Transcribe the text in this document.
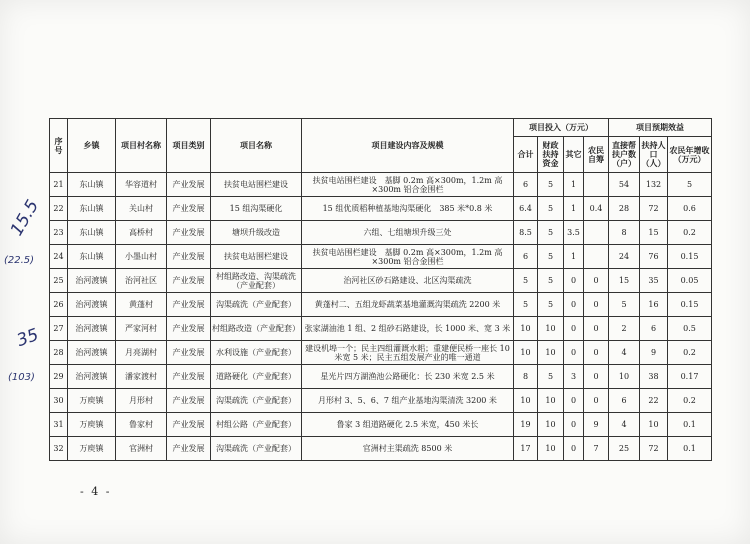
序号	乡镇	项目村名称	项目类别	项目名称	项目建设内容及规模	项目投入（万元）				项目预期效益		
						合计	财政扶持资金	其它	农民自筹	直接帮扶户数（户）	扶持人口（人）	农民年增收（万元）
21	东山镇	华容道村	产业发展	扶贫电站围栏建设	扶贫电站围栏建设　基脚 0.2m 高×300m，1.2m 高×300m 铝合金围栏	6	5	1		54	132	5
22	东山镇	关山村	产业发展	15 组沟渠硬化	15 组优质稻种植基地沟渠硬化　385 米*0.8 米	6.4	5	1	0.4	28	72	0.6
23	东山镇	高桥村	产业发展	塘坝升级改造	六组、七组塘坝升级三处	8.5	5	3.5		8	15	0.2
24	东山镇	小墨山村	产业发展	扶贫电站围栏建设	扶贫电站围栏建设　基脚 0.2m 高×300m，1.2m 高×300m 铝合金围栏	6	5	1		24	76	0.15
25	治河渡镇	治河社区	产业发展	村组路改造、沟渠疏洗（产业配套）	治河社区砂石路建设、北区沟渠疏洗	5	5	0	0	15	35	0.05
26	治河渡镇	黄蓬村	产业发展	沟渠疏洗（产业配套）	黄蓬村二、五组龙虾蔬菜基地灌溉沟渠疏洗 2200 米	5	5	0	0	5	16	0.15
27	治河渡镇	严家河村	产业发展	村组路改造（产业配套）	张家湖油池 1 组、2 组砂石路建设，长 1000 米、宽 3 米	10	10	0	0	2	6	0.5
28	治河渡镇	月亮湖村	产业发展	水利设施（产业配套）	建设机埠一个；民主四组灌溉水耜；重建便民桥一座长 10 米宽 5 米；民主五组发展产业的唯一通道	10	10	0	0	4	9	0.2
29	治河渡镇	潘家渡村	产业发展	道路硬化（产业配套）	星光片四方湖渔池公路硬化：长 230 米宽 2.5 米	8	5	3	0	10	38	0.17
30	万庾镇	月形村	产业发展	沟渠疏洗（产业配套）	月形村 3、5、6、7 组产业基地沟渠清洗 3200 米	10	10	0	0	6	22	0.2
31	万庾镇	鲁家村	产业发展	村组公路（产业配套）	鲁家 3 组道路硬化 2.5 米宽，450 米长	19	10	0	9	4	10	0.1
32	万庾镇	官洲村	产业发展	沟渠疏洗（产业配套）	官洲村主渠疏洗 8500 米	17	10	0	7	25	72	0.1
- 4 -
15.5
(22.5)
35
(103)
